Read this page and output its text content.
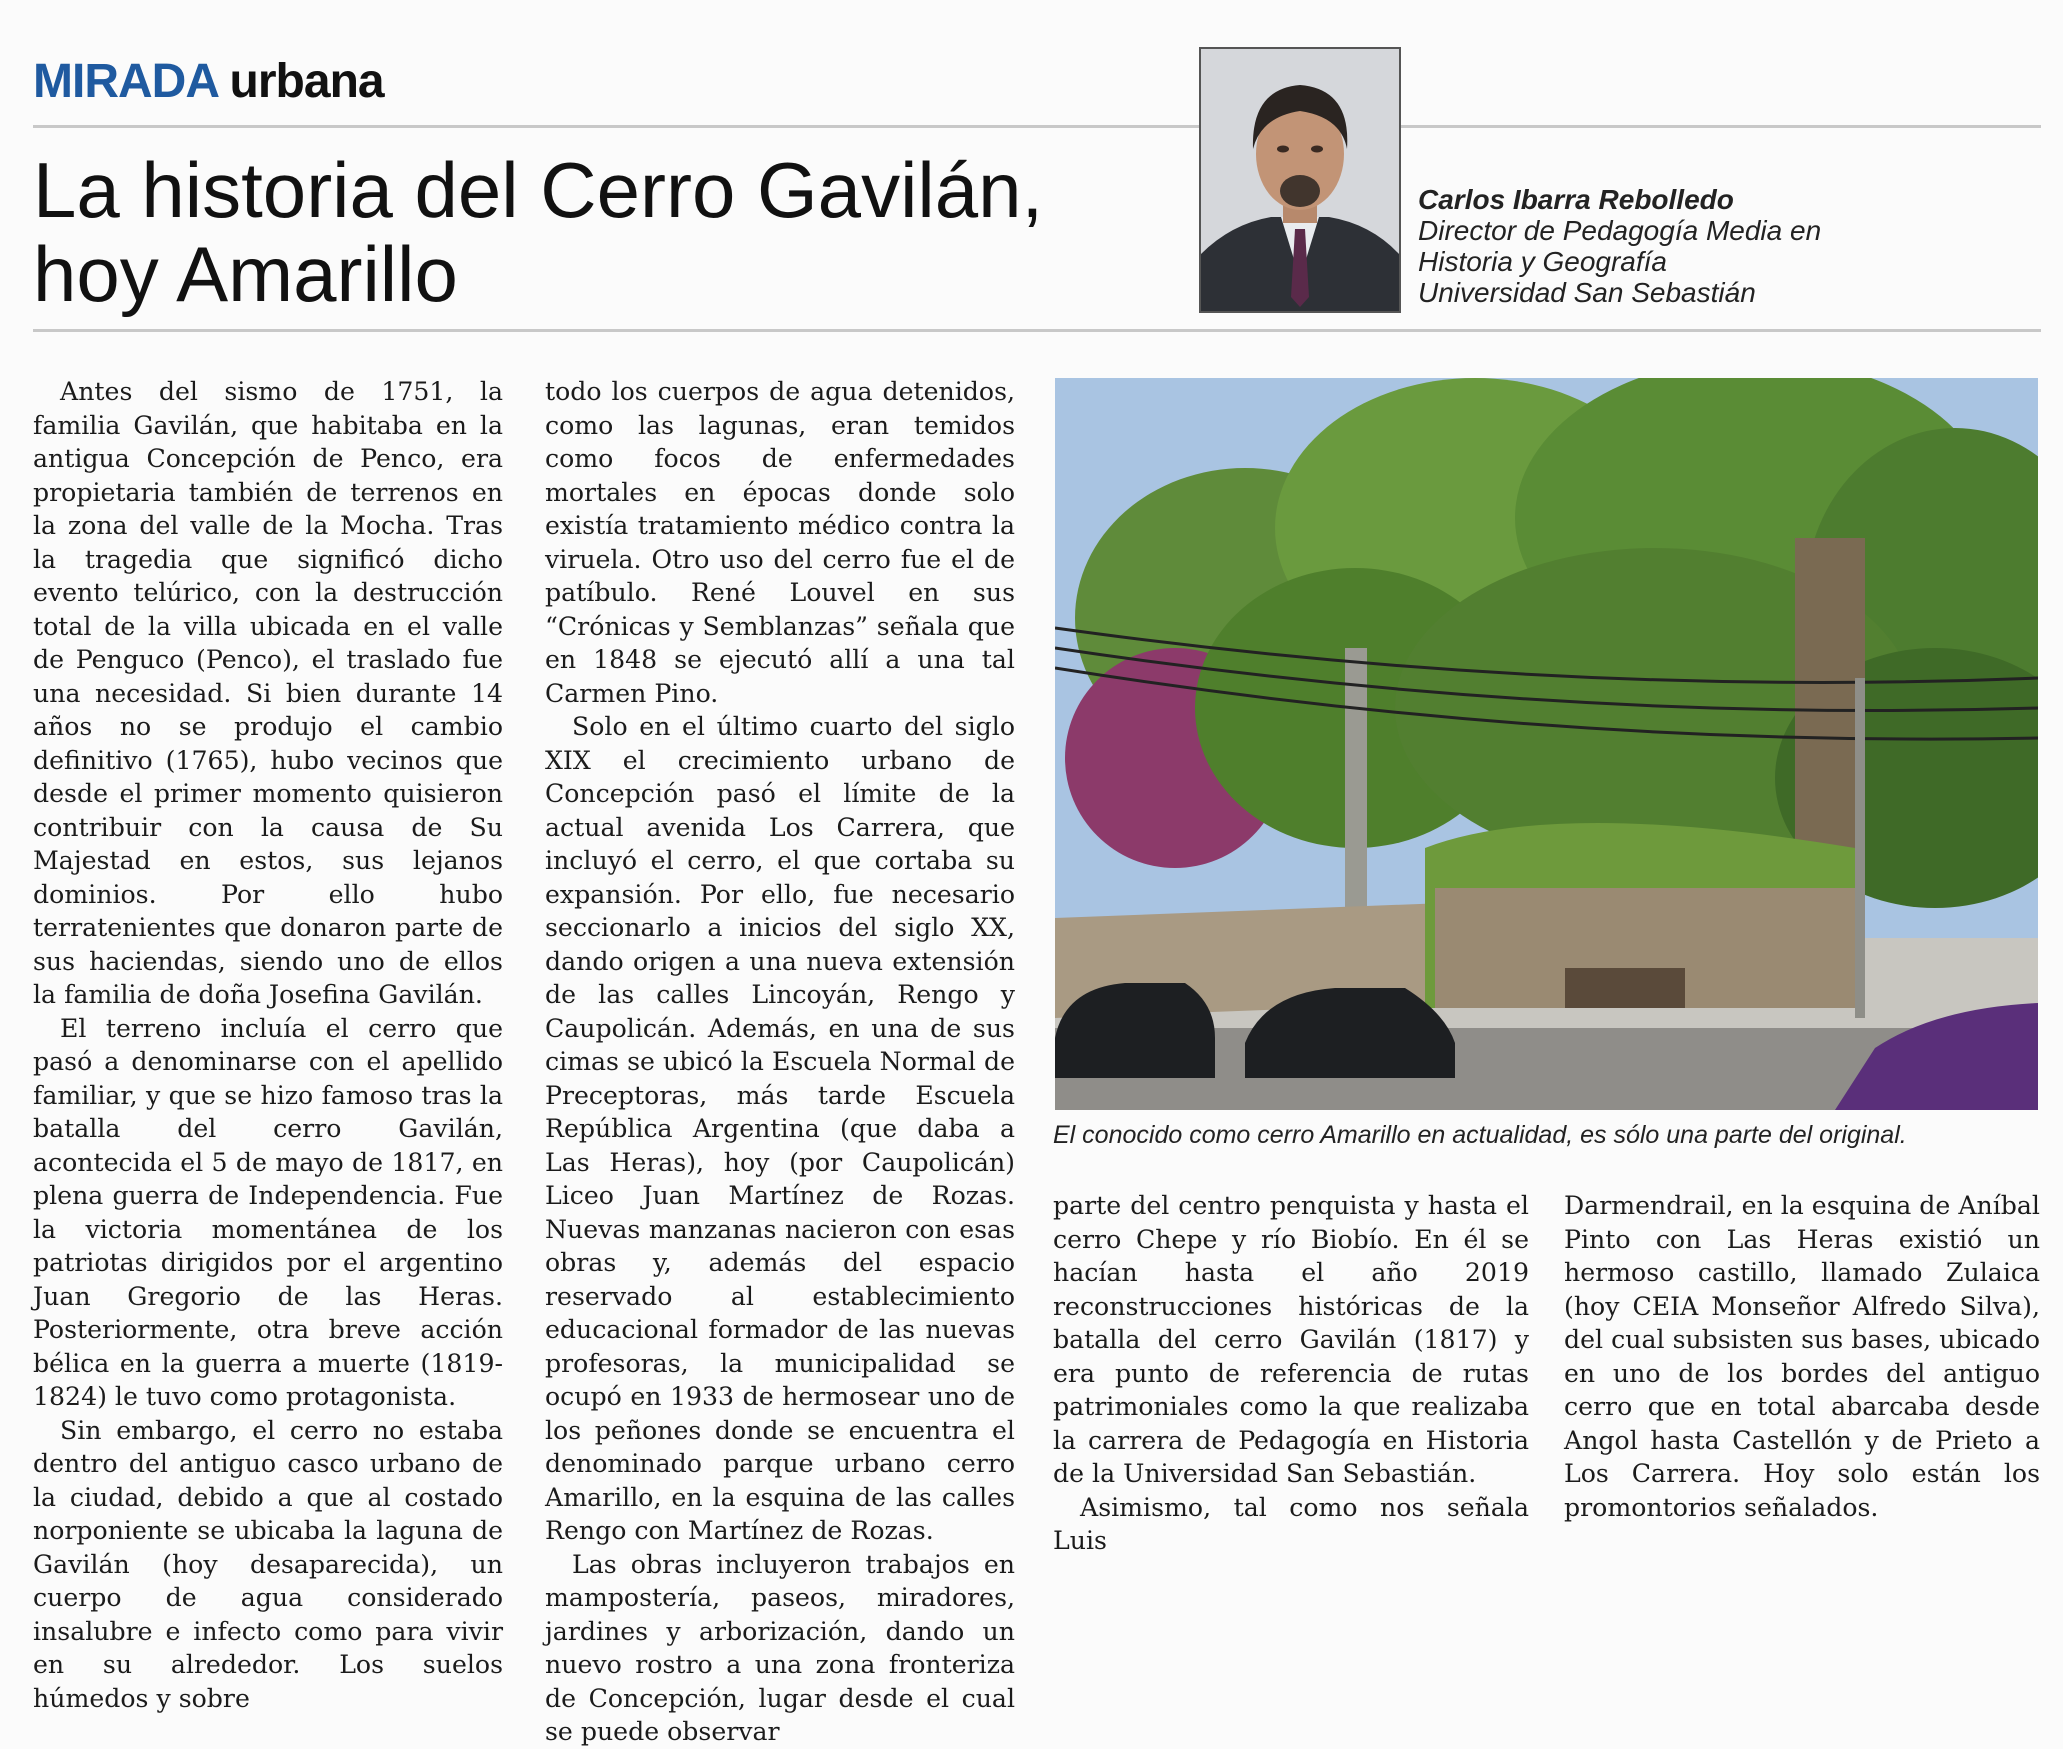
MIRADA urbana
La historia del Cerro Gavilán,
hoy Amarillo
Carlos Ibarra Rebolledo
Director de Pedagogía Media en
Historia y Geografía
Universidad San Sebastián

Antes del sismo de 1751, la familia Gavilán, que habitaba en la antigua Concepción de Penco, era propietaria también de terrenos en la zona del valle de la Mocha. Tras la tragedia que significó dicho evento telúrico, con la destrucción total de la villa ubicada en el valle de Penguco (Penco), el traslado fue una necesidad. Si bien durante 14 años no se produjo el cambio definitivo (1765), hubo vecinos que desde el primer momento quisieron contribuir con la causa de Su Majestad en estos, sus lejanos dominios. Por ello hubo terratenientes que donaron parte de sus haciendas, siendo uno de ellos la familia de doña Josefina Gavilán.

El terreno incluía el cerro que pasó a denominarse con el apellido familiar, y que se hizo famoso tras la batalla del cerro Gavilán, acontecida el 5 de mayo de 1817, en plena guerra de Independencia. Fue la victoria momentánea de los patriotas dirigidos por el argentino Juan Gregorio de las Heras. Posteriormente, otra breve acción bélica en la guerra a muerte (1819-1824) le tuvo como protagonista.

Sin embargo, el cerro no estaba dentro del antiguo casco urbano de la ciudad, debido a que al costado norponiente se ubicaba la laguna de Gavilán (hoy desaparecida), un cuerpo de agua considerado insalubre e infecto como para vivir en su alrededor. Los suelos húmedos y sobre

todo los cuerpos de agua detenidos, como las lagunas, eran temidos como focos de enfermedades mortales en épocas donde solo existía tratamiento médico contra la viruela. Otro uso del cerro fue el de patíbulo. René Louvel en sus “Crónicas y Semblanzas” señala que en 1848 se ejecutó allí a una tal Carmen Pino.

Solo en el último cuarto del siglo XIX el crecimiento urbano de Concepción pasó el límite de la actual avenida Los Carrera, que incluyó el cerro, el que cortaba su expansión. Por ello, fue necesario seccionarlo a inicios del siglo XX, dando origen a una nueva extensión de las calles Lincoyán, Rengo y Caupolicán. Además, en una de sus cimas se ubicó la Escuela Normal de Preceptoras, más tarde Escuela República Argentina (que daba a Las Heras), hoy (por Caupolicán) Liceo Juan Martínez de Rozas. Nuevas manzanas nacieron con esas obras y, además del espacio reservado al establecimiento educacional formador de las nuevas profesoras, la municipalidad se ocupó en 1933 de hermosear uno de los peñones donde se encuentra el denominado parque urbano cerro Amarillo, en la esquina de las calles Rengo con Martínez de Rozas.

Las obras incluyeron trabajos en mampostería, paseos, miradores, jardines y arborización, dando un nuevo rostro a una zona fronteriza de Concepción, lugar desde el cual se puede observar

El conocido como cerro Amarillo en actualidad, es sólo una parte del original.

parte del centro penquista y hasta el cerro Chepe y río Biobío. En él se hacían hasta el año 2019 reconstrucciones históricas de la batalla del cerro Gavilán (1817) y era punto de referencia de rutas patrimoniales como la que realizaba la carrera de Pedagogía en Historia de la Universidad San Sebastián.

Asimismo, tal como nos señala Luis

Darmendrail, en la esquina de Aníbal Pinto con Las Heras existió un hermoso castillo, llamado Zulaica (hoy CEIA Monseñor Alfredo Silva), del cual subsisten sus bases, ubicado en uno de los bordes del antiguo cerro que en total abarcaba desde Angol hasta Castellón y de Prieto a Los Carrera. Hoy solo están los promontorios señalados.
